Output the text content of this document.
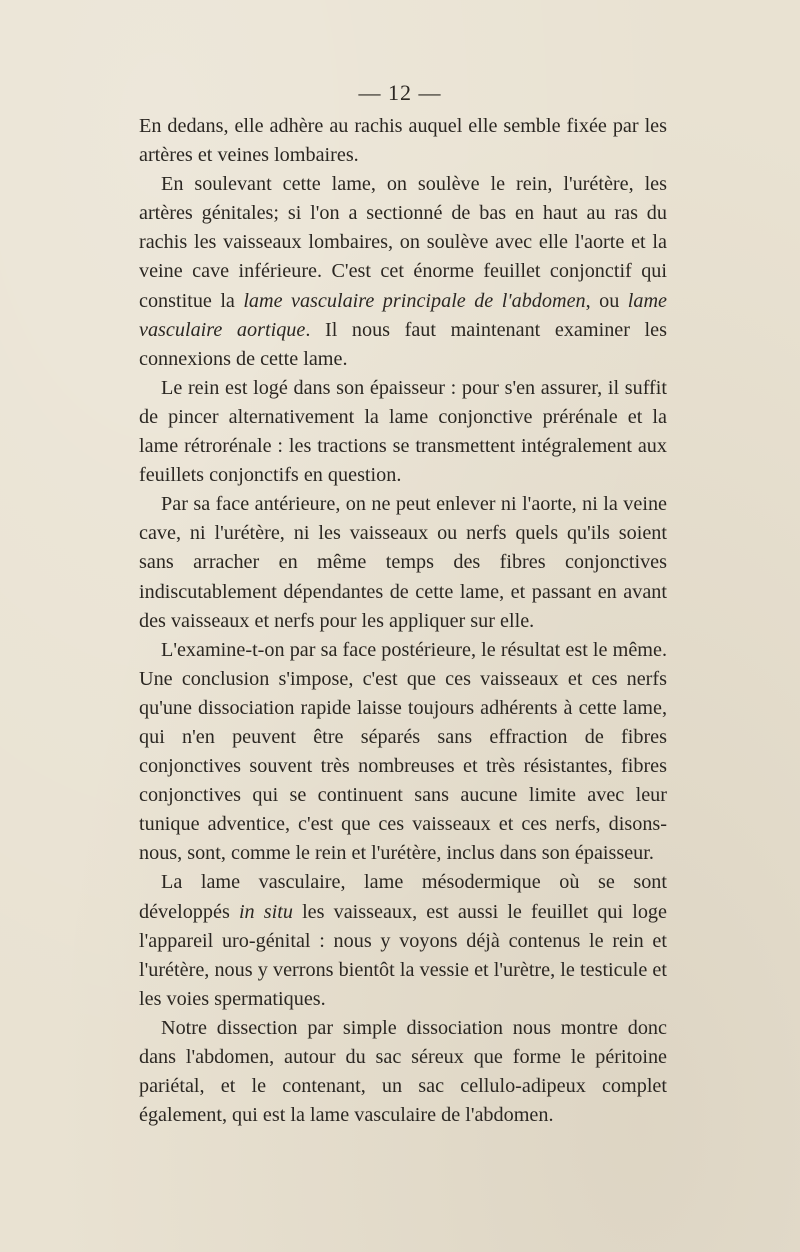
— 12 —

En dedans, elle adhère au rachis auquel elle semble fixée par les artères et veines lombaires.

En soulevant cette lame, on soulève le rein, l'urétère, les artères génitales; si l'on a sectionné de bas en haut au ras du rachis les vaisseaux lombaires, on soulève avec elle l'aorte et la veine cave inférieure. C'est cet énorme feuillet conjonctif qui constitue la lame vasculaire principale de l'abdomen, ou lame vasculaire aortique. Il nous faut maintenant examiner les connexions de cette lame.

Le rein est logé dans son épaisseur : pour s'en assurer, il suffit de pincer alternativement la lame conjonctive prérénale et la lame rétrorénale : les tractions se transmettent intégralement aux feuillets conjonctifs en question.

Par sa face antérieure, on ne peut enlever ni l'aorte, ni la veine cave, ni l'urétère, ni les vaisseaux ou nerfs quels qu'ils soient sans arracher en même temps des fibres conjonctives indiscutablement dépendantes de cette lame, et passant en avant des vaisseaux et nerfs pour les appliquer sur elle.

L'examine-t-on par sa face postérieure, le résultat est le même. Une conclusion s'impose, c'est que ces vaisseaux et ces nerfs qu'une dissociation rapide laisse toujours adhérents à cette lame, qui n'en peuvent être séparés sans effraction de fibres conjonctives souvent très nombreuses et très résistantes, fibres conjonctives qui se continuent sans aucune limite avec leur tunique adventice, c'est que ces vaisseaux et ces nerfs, disons-nous, sont, comme le rein et l'urétère, inclus dans son épaisseur.

La lame vasculaire, lame mésodermique où se sont développés in situ les vaisseaux, est aussi le feuillet qui loge l'appareil uro-génital : nous y voyons déjà contenus le rein et l'urétère, nous y verrons bientôt la vessie et l'urètre, le testicule et les voies spermatiques.

Notre dissection par simple dissociation nous montre donc dans l'abdomen, autour du sac séreux que forme le péritoine pariétal, et le contenant, un sac cellulo-adipeux complet également, qui est la lame vasculaire de l'abdomen.
